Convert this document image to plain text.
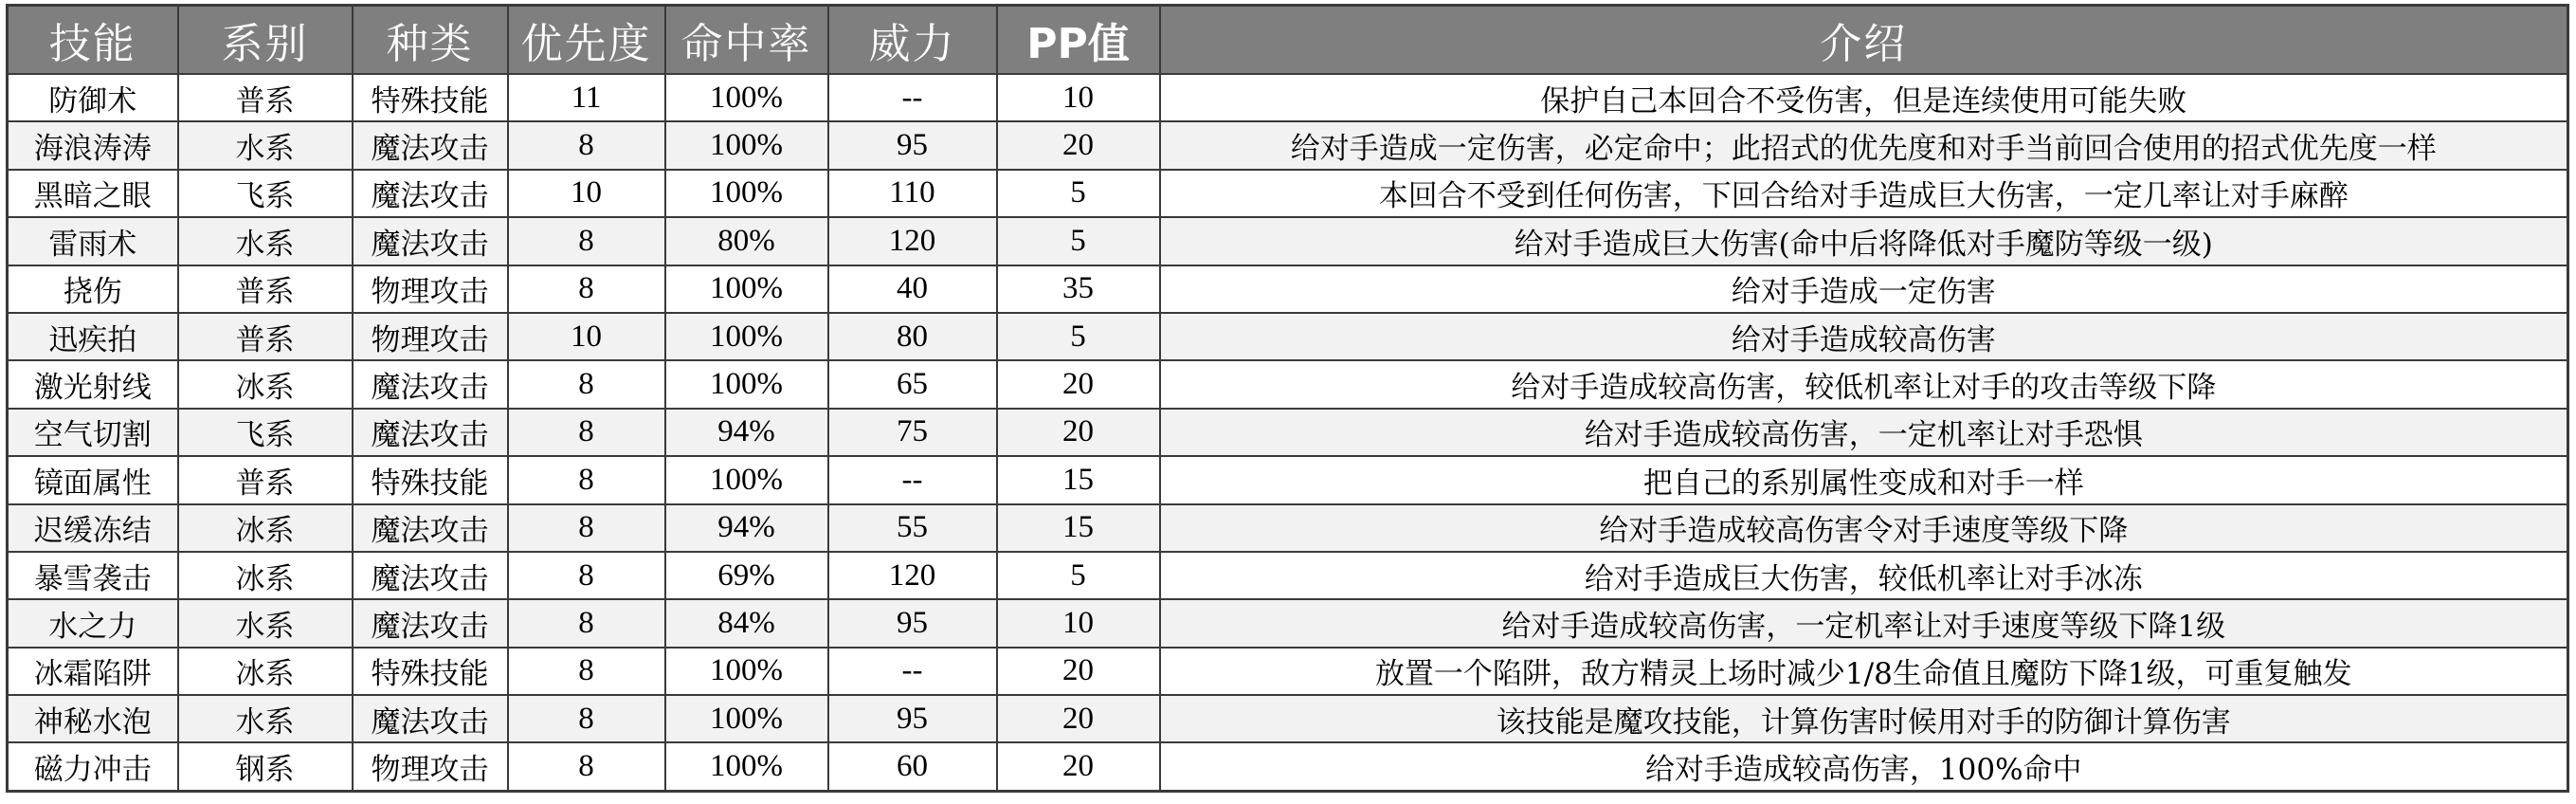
技能	系别	种类	优先度	命中率	威力	PP值	介绍
防御术	普系	特殊技能	11	100%	--	10	保护自己本回合不受伤害，但是连续使用可能失败
海浪涛涛	水系	魔法攻击	8	100%	95	20	给对手造成一定伤害，必定命中；此招式的优先度和对手当前回合使用的招式优先度一样
黑暗之眼	飞系	魔法攻击	10	100%	110	5	本回合不受到任何伤害，下回合给对手造成巨大伤害，一定几率让对手麻醉
雷雨术	水系	魔法攻击	8	80%	120	5	给对手造成巨大伤害(命中后将降低对手魔防等级一级)
挠伤	普系	物理攻击	8	100%	40	35	给对手造成一定伤害
迅疾拍	普系	物理攻击	10	100%	80	5	给对手造成较高伤害
激光射线	冰系	魔法攻击	8	100%	65	20	给对手造成较高伤害，较低机率让对手的攻击等级下降
空气切割	飞系	魔法攻击	8	94%	75	20	给对手造成较高伤害，一定机率让对手恐惧
镜面属性	普系	特殊技能	8	100%	--	15	把自己的系别属性变成和对手一样
迟缓冻结	冰系	魔法攻击	8	94%	55	15	给对手造成较高伤害令对手速度等级下降
暴雪袭击	冰系	魔法攻击	8	69%	120	5	给对手造成巨大伤害，较低机率让对手冰冻
水之力	水系	魔法攻击	8	84%	95	10	给对手造成较高伤害，一定机率让对手速度等级下降1级
冰霜陷阱	冰系	特殊技能	8	100%	--	20	放置一个陷阱，敌方精灵上场时减少1/8生命值且魔防下降1级，可重复触发
神秘水泡	水系	魔法攻击	8	100%	95	20	该技能是魔攻技能，计算伤害时候用对手的防御计算伤害
磁力冲击	钢系	物理攻击	8	100%	60	20	给对手造成较高伤害，100%命中
